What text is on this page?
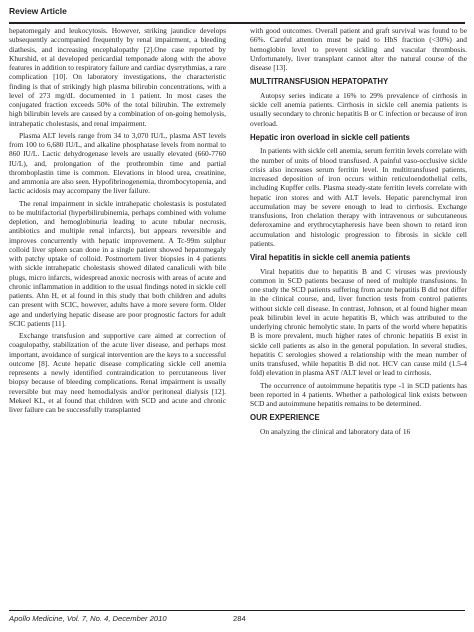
Review Article

hepatomegaly and leukocytosis. However, striking jaundice develops subsequently accompanied frequently by renal impairment, a bleeding diathesis, and increasing encephalopathy [2].One case reported by Khurshid, et al developed pericardial temponade along with the above features in addition to respiratory failure and cardiac dysrrythmias, a rare complication [10]. On laboratory investigations, the characteristic finding is that of strikingly high plasma bilirubin concentrations, with a level of 273 mg/dL documented in 1 patient. In most cases the conjugated fraction exceeds 50% of the total bilirubin. The extremely high bilirubin levels are caused by a combination of on-going hemolysis, intrahepatic cholestasis, and renal impairment.

Plasma ALT levels range from 34 to 3,070 IU/L, plasma AST levels from 100 to 6,680 IU/L, and alkaline phosphatase levels from normal to 860 IU/L. Lactic dehydrogenase levels are usually elevated (660-7760 IU/L), and, prolongation of the prothrombin time and partial thromboplastin time is common. Elevations in blood urea, creatinine, and ammonia are also seen. Hypofibrinogenemia, thrombocytopenia, and lactic acidosis may accompany the liver failure.

The renal impairment in sickle intrahepatic cholestasis is postulated to be multifactorial (hyperbilirubinemia, perhaps combined with volume depletion, and hemoglobinuria leading to acute tubular necrosis, antibiotics and multiple renal infarcts), but appears reversible and improves concurrently with hepatic improvement. A Tc-99m sulphur colloid liver spleen scan done in a single patient showed hepatomegaly with patchy uptake of colloid. Postmortem liver biopsies in 4 patients with sickle intrahepatic cholestasis showed dilated canaliculi with bile plugs, micro infarcts, widespread anoxic necrosis with areas of acute and chronic inflammation in addition to the usual findings noted in sickle cell patients. Ahn H, et al found in this study that both children and adults can present with SCIC, however, adults have a more severe form. Older age and underlying hepatic disease are poor prognostic factors for adult SCIC patients [11].

Exchange transfusion and supportive care aimed at correction of coagulopathy, stabilization of the acute liver disease, and perhaps most important, avoidance of surgical intervention are the keys to a successful outcome [8]. Acute hepatic disease complicating sickle cell anemia represents a newly identified contraindication to percutaneous liver biopsy because of bleeding complications. Renal impairment is usually reversible but may need hemodialysis and/or peritoneal dialysis [12]. Mekeel KL, et al found that children with SCD and acute and chronic liver failure can be successfully transplanted

with good outcomes. Overall patient and graft survival was found to be 66%. Careful attention must be paid to HbS fraction (<30%) and hemoglobin level to prevent sickling and vascular thrombosis. Unfortunately, liver transplant cannot alter the natural course of the disease [13].

MULTITRANSFUSION HEPATOPATHY

Autopsy series indicate a 16% to 29% prevalence of cirrhosis in sickle cell anemia patients. Cirrhosis in sickle cell anemia patients is usually secondary to chronic hepatitis B or C infection or because of iron overload.

Hepatic iron overload in sickle cell patients

In patients with sickle cell anemia, serum ferritin levels correlate with the number of units of blood transfused. A painful vaso-occlusive sickle crisis also increases serum ferritin level. In multitransfused patients, increased deposition of iron occurs within reticuloendothelial cells, including Kupffer cells. Plasma steady-state ferritin levels correlate with hepatic iron stores and with ALT levels. Hepatic parenchymal iron accumulation may be severe enough to lead to cirrhosis. Exchange transfusions, Iron chelation therapy with intravenous or subcutaneous deferoxamine and erythrocytapheresis have been shown to retard iron accumulation and histologic progression to fibrosis in sickle cell patients.

Viral hepatitis in sickle cell anemia patients

Viral hepatitis due to hepatitis B and C viruses was previously common in SCD patients because of need of multiple transfusions. In one study the SCD patients suffering from acute hepatitis B did not differ in the clinical course, and, liver function tests from control patients without sickle cell disease. In contrast, Johnson, et al found higher mean peak bilirubin level in acute hepatitis B, which was attributed to the underlying chronic hemolytic state. In parts of the world where hepatitis B is more prevalent, much higher rates of chronic hepatitis B exist in sickle cell patients as also in the general population. In several studies, hepatitis C serologies showed a relationship with the mean number of units transfused, while hepatitis B did not. HCV can cause mild (1.5-4 fold) elevation in plasma AST /ALT level or lead to cirrhosis.

The occurrence of autoimmune hepatitis type -1 in SCD patients has been reported in 4 patients. Whether a pathological link exists between SCD and autoimmune hepatitis remains to be determined.

OUR EXPERIENCE

On analyzing the clinical and laboratory data of 16

Apollo Medicine, Vol. 7, No. 4, December 2010	284
